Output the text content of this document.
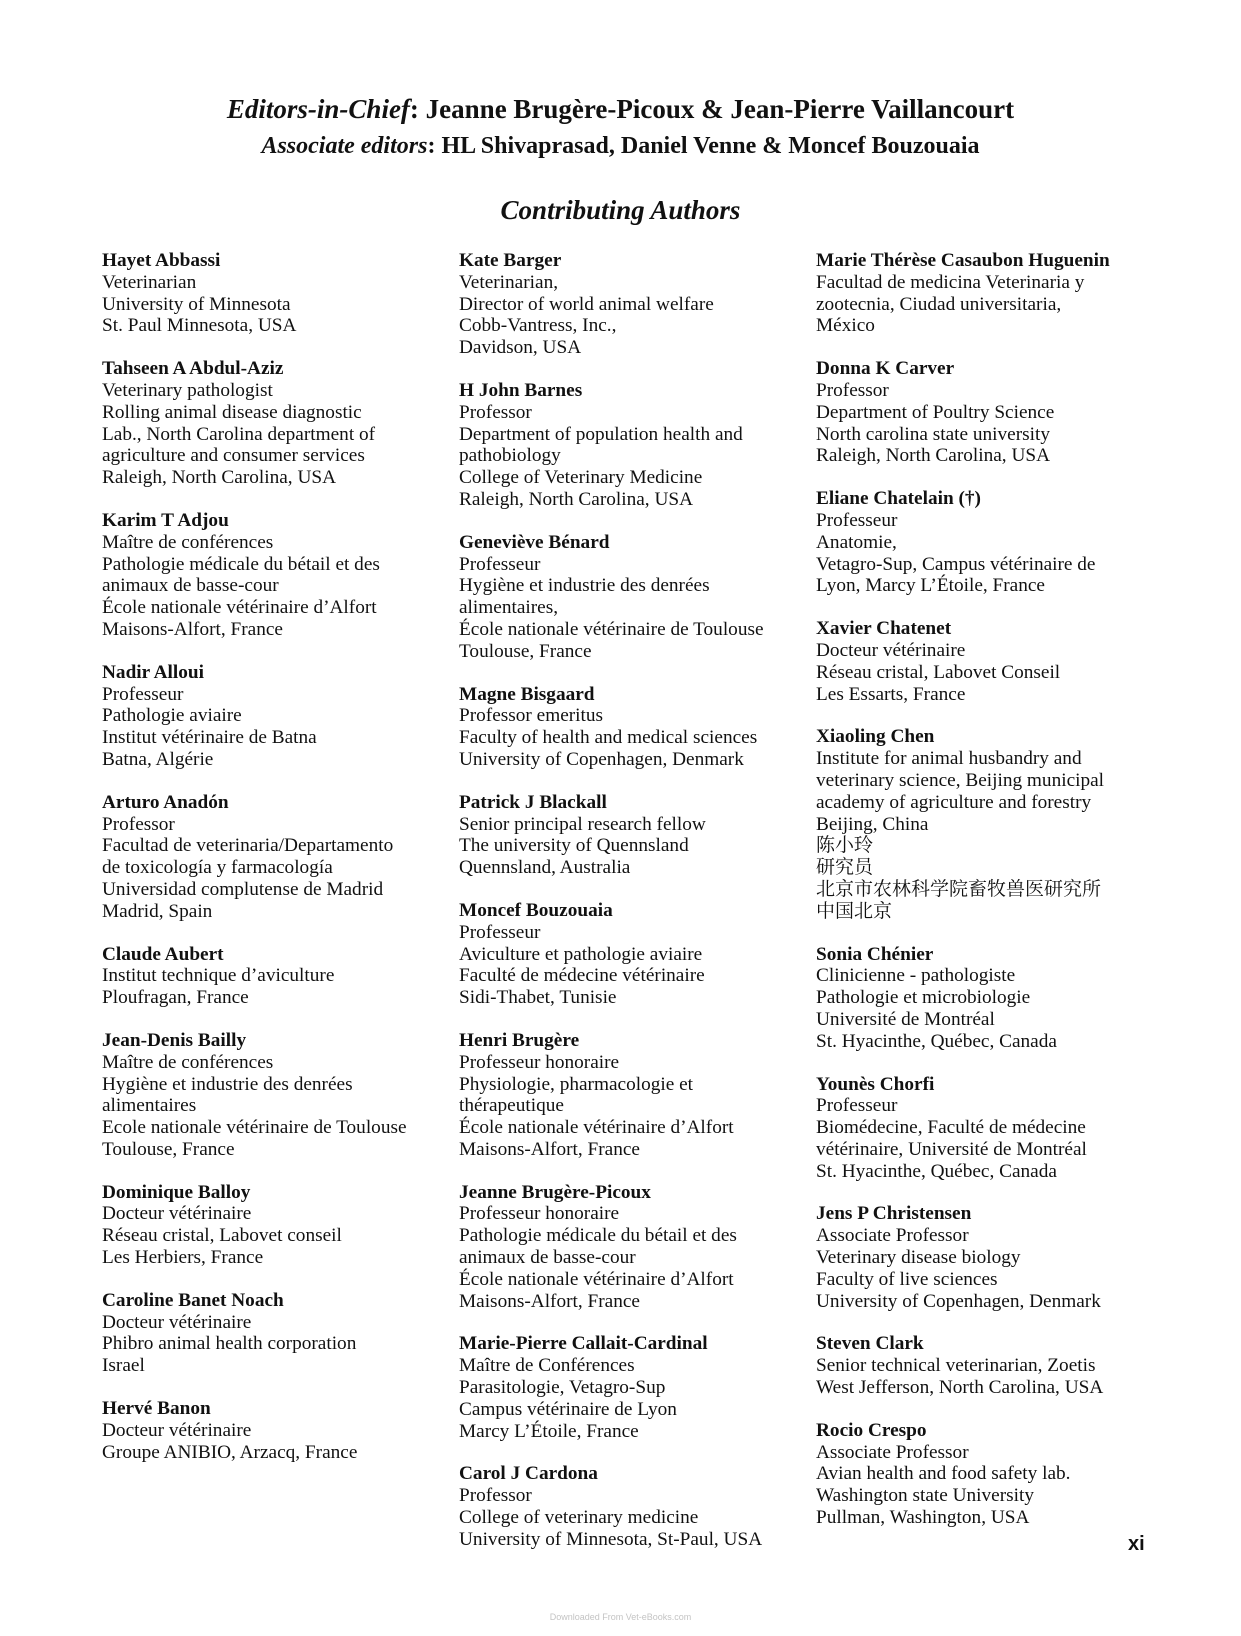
Editors-in-Chief: Jeanne Brugère-Picoux & Jean-Pierre Vaillancourt
Associate editors: HL Shivaprasad, Daniel Venne & Moncef Bouzouaia
Contributing Authors
Hayet Abbassi
Veterinarian
University of Minnesota
St. Paul Minnesota, USA
Tahseen A Abdul-Aziz
Veterinary pathologist
Rolling animal disease diagnostic
Lab., North Carolina department of
agriculture and consumer services
Raleigh, North Carolina, USA
Karim T Adjou
Maître de conférences
Pathologie médicale du bétail et des
animaux de basse-cour
École nationale vétérinaire d’Alfort
Maisons-Alfort, France
Nadir Alloui
Professeur
Pathologie aviaire
Institut vétérinaire de Batna
Batna, Algérie
Arturo Anadón
Professor
Facultad de veterinaria/Departamento
de toxicología y farmacología
Universidad complutense de Madrid
Madrid, Spain
Claude Aubert
Institut technique d’aviculture
Ploufragan, France
Jean-Denis Bailly
Maître de conférences
Hygiène et industrie des denrées
alimentaires
Ecole nationale vétérinaire de Toulouse
Toulouse, France
Dominique Balloy
Docteur vétérinaire
Réseau cristal, Labovet conseil
Les Herbiers, France
Caroline Banet Noach
Docteur vétérinaire
Phibro animal health corporation
Israel
Hervé Banon
Docteur vétérinaire
Groupe ANIBIO, Arzacq, France
Kate Barger
Veterinarian,
Director of world animal welfare
Cobb-Vantress, Inc.,
Davidson, USA
H John Barnes
Professor
Department of population health and
pathobiology
College of Veterinary Medicine
Raleigh, North Carolina, USA
Geneviève Bénard
Professeur
Hygiène et industrie des denrées
alimentaires,
École nationale vétérinaire de Toulouse
Toulouse, France
Magne Bisgaard
Professor emeritus
Faculty of health and medical sciences
University of Copenhagen, Denmark
Patrick J Blackall
Senior principal research fellow
The university of Quennsland
Quennsland, Australia
Moncef Bouzouaia
Professeur
Aviculture et pathologie aviaire
Faculté de médecine vétérinaire
Sidi-Thabet, Tunisie
Henri Brugère
Professeur honoraire
Physiologie, pharmacologie et
thérapeutique
École nationale vétérinaire d’Alfort
Maisons-Alfort, France
Jeanne Brugère-Picoux
Professeur honoraire
Pathologie médicale du bétail et des
animaux de basse-cour
École nationale vétérinaire d’Alfort
Maisons-Alfort, France
Marie-Pierre Callait-Cardinal
Maître de Conférences
Parasitologie, Vetagro-Sup
Campus vétérinaire de Lyon
Marcy L’Étoile, France
Carol J Cardona
Professor
College of veterinary medicine
University of Minnesota, St-Paul, USA
Marie Thérèse Casaubon Huguenin
Facultad de medicina Veterinaria y
zootecnia, Ciudad universitaria,
México
Donna K Carver
Professor
Department of Poultry Science
North carolina state university
Raleigh, North Carolina, USA
Eliane Chatelain (†)
Professeur
Anatomie,
Vetagro-Sup, Campus vétérinaire de
Lyon, Marcy L’Étoile, France
Xavier Chatenet
Docteur vétérinaire
Réseau cristal, Labovet Conseil
Les Essarts, France
Xiaoling Chen
Institute for animal husbandry and
veterinary science, Beijing municipal
academy of agriculture and forestry
Beijing, China
陈小玲
研究员
北京市农林科学院畜牧兽医研究所
中国北京
Sonia Chénier
Clinicienne - pathologiste
Pathologie et microbiologie
Université de Montréal
St. Hyacinthe, Québec, Canada
Younès Chorfi
Professeur
Biomédecine, Faculté de médecine
vétérinaire, Université de Montréal
St. Hyacinthe, Québec, Canada
Jens P Christensen
Associate Professor
Veterinary disease biology
Faculty of live sciences
University of Copenhagen, Denmark
Steven Clark
Senior technical veterinarian, Zoetis
West Jefferson, North Carolina, USA
Rocio Crespo
Associate Professor
Avian health and food safety lab.
Washington state University
Pullman, Washington, USA
xi
Downloaded From Vet-eBooks.com
